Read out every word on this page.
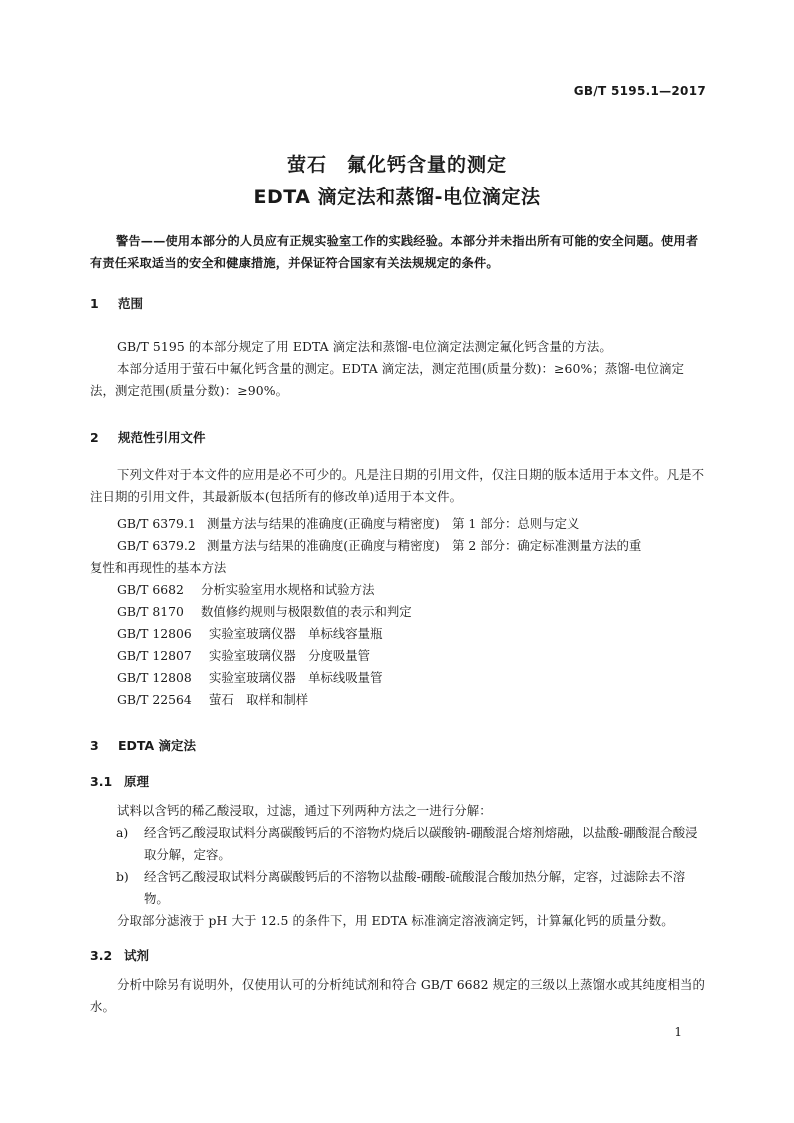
GB/T 5195.1—2017
萤石　氟化钙含量的测定
EDTA 滴定法和蒸馏-电位滴定法
警告——使用本部分的人员应有正规实验室工作的实践经验。本部分并未指出所有可能的安全问题。使用者有责任采取适当的安全和健康措施，并保证符合国家有关法规规定的条件。
1 范围
GB/T 5195 的本部分规定了用 EDTA 滴定法和蒸馏-电位滴定法测定氟化钙含量的方法。
本部分适用于萤石中氟化钙含量的测定。EDTA 滴定法，测定范围(质量分数)：≥60%；蒸馏-电位滴定法，测定范围(质量分数)：≥90%。
2 规范性引用文件
下列文件对于本文件的应用是必不可少的。凡是注日期的引用文件，仅注日期的版本适用于本文件。凡是不注日期的引用文件，其最新版本(包括所有的修改单)适用于本文件。
GB/T 6379.1 测量方法与结果的准确度(正确度与精密度)　第 1 部分：总则与定义
GB/T 6379.2 测量方法与结果的准确度(正确度与精密度)　第 2 部分：确定标准测量方法的重
复性和再现性的基本方法
GB/T 6682 分析实验室用水规格和试验方法
GB/T 8170 数值修约规则与极限数值的表示和判定
GB/T 12806 实验室玻璃仪器　单标线容量瓶
GB/T 12807 实验室玻璃仪器　分度吸量管
GB/T 12808 实验室玻璃仪器　单标线吸量管
GB/T 22564 萤石　取样和制样
3 EDTA 滴定法
3.1 原理
试料以含钙的稀乙酸浸取，过滤，通过下列两种方法之一进行分解：
a) 经含钙乙酸浸取试料分离碳酸钙后的不溶物灼烧后以碳酸钠-硼酸混合熔剂熔融，以盐酸-硼酸混合酸浸取分解，定容。
b) 经含钙乙酸浸取试料分离碳酸钙后的不溶物以盐酸-硼酸-硫酸混合酸加热分解，定容，过滤除去不溶物。
分取部分滤液于 pH 大于 12.5 的条件下，用 EDTA 标准滴定溶液滴定钙，计算氟化钙的质量分数。
3.2 试剂
分析中除另有说明外，仅使用认可的分析纯试剂和符合 GB/T 6682 规定的三级以上蒸馏水或其纯度相当的水。
1
